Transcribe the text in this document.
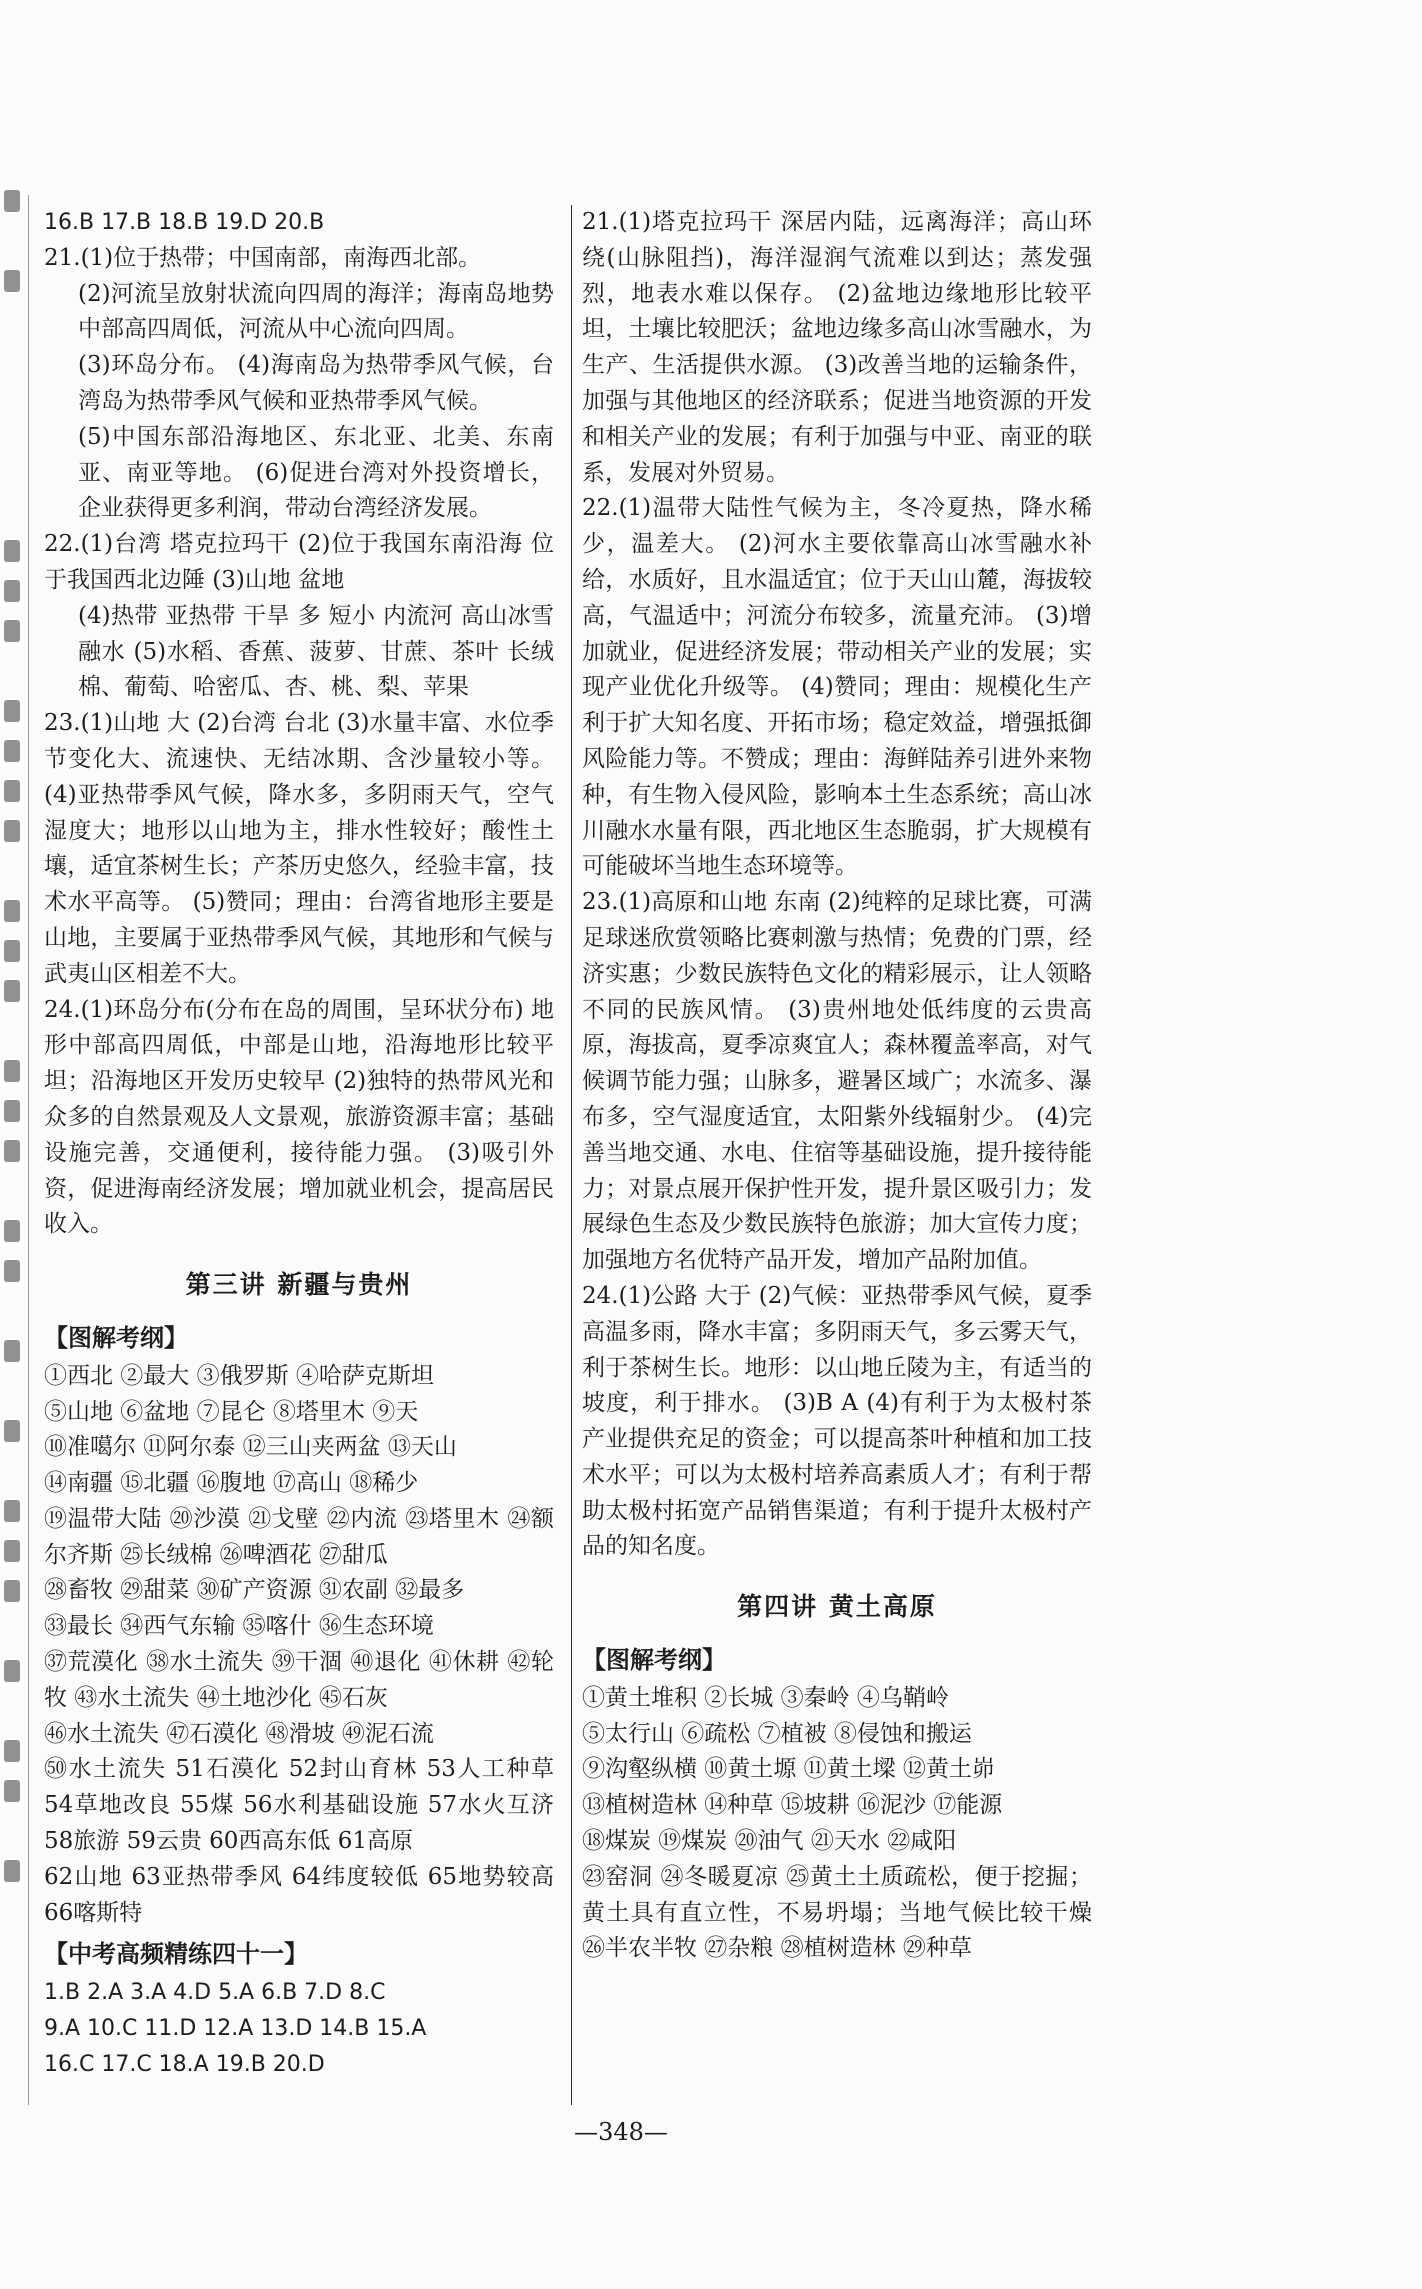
16.B 17.B 18.B 19.D 20.B

21.(1)位于热带；中国南部，南海西北部。

(2)河流呈放射状流向四周的海洋；海南岛地势中部高四周低，河流从中心流向四周。

(3)环岛分布。 (4)海南岛为热带季风气候，台湾岛为热带季风气候和亚热带季风气候。

(5)中国东部沿海地区、东北亚、北美、东南亚、南亚等地。 (6)促进台湾对外投资增长，企业获得更多利润，带动台湾经济发展。

22.(1)台湾 塔克拉玛干 (2)位于我国东南沿海 位于我国西北边陲 (3)山地 盆地

(4)热带 亚热带 干旱 多 短小 内流河 高山冰雪融水 (5)水稻、香蕉、菠萝、甘蔗、茶叶 长绒棉、葡萄、哈密瓜、杏、桃、梨、苹果

23.(1)山地 大 (2)台湾 台北 (3)水量丰富、水位季节变化大、流速快、无结冰期、含沙量较小等。 (4)亚热带季风气候，降水多，多阴雨天气，空气湿度大；地形以山地为主，排水性较好；酸性土壤，适宜茶树生长；产茶历史悠久，经验丰富，技术水平高等。 (5)赞同；理由：台湾省地形主要是山地，主要属于亚热带季风气候，其地形和气候与武夷山区相差不大。

24.(1)环岛分布(分布在岛的周围，呈环状分布) 地形中部高四周低，中部是山地，沿海地形比较平坦；沿海地区开发历史较早 (2)独特的热带风光和众多的自然景观及人文景观，旅游资源丰富；基础设施完善，交通便利，接待能力强。 (3)吸引外资，促进海南经济发展；增加就业机会，提高居民收入。

第三讲 新疆与贵州
【图解考纲】

①西北 ②最大 ③俄罗斯 ④哈萨克斯坦

⑤山地 ⑥盆地 ⑦昆仑 ⑧塔里木 ⑨天

⑩准噶尔 ⑪阿尔泰 ⑫三山夹两盆 ⑬天山

⑭南疆 ⑮北疆 ⑯腹地 ⑰高山 ⑱稀少

⑲温带大陆 ⑳沙漠 ㉑戈壁 ㉒内流 ㉓塔里木 ㉔额尔齐斯 ㉕长绒棉 ㉖啤酒花 ㉗甜瓜

㉘畜牧 ㉙甜菜 ㉚矿产资源 ㉛农副 ㉜最多

㉝最长 ㉞西气东输 ㉟喀什 ㊱生态环境

㊲荒漠化 ㊳水土流失 ㊴干涸 ㊵退化 ㊶休耕 ㊷轮牧 ㊸水土流失 ㊹土地沙化 ㊺石灰

㊻水土流失 ㊼石漠化 ㊽滑坡 ㊾泥石流

㊿水土流失 51石漠化 52封山育林 53人工种草 54草地改良 55煤 56水利基础设施 57水火互济 58旅游 59云贵 60西高东低 61高原

62山地 63亚热带季风 64纬度较低 65地势较高 66喀斯特

【中考高频精练四十一】

1.B 2.A 3.A 4.D 5.A 6.B 7.D 8.C

9.A 10.C 11.D 12.A 13.D 14.B 15.A

16.C 17.C 18.A 19.B 20.D

21.(1)塔克拉玛干 深居内陆，远离海洋；高山环绕(山脉阻挡)，海洋湿润气流难以到达；蒸发强烈，地表水难以保存。 (2)盆地边缘地形比较平坦，土壤比较肥沃；盆地边缘多高山冰雪融水，为生产、生活提供水源。 (3)改善当地的运输条件，加强与其他地区的经济联系；促进当地资源的开发和相关产业的发展；有利于加强与中亚、南亚的联系，发展对外贸易。

22.(1)温带大陆性气候为主，冬冷夏热，降水稀少，温差大。 (2)河水主要依靠高山冰雪融水补给，水质好，且水温适宜；位于天山山麓，海拔较高，气温适中；河流分布较多，流量充沛。 (3)增加就业，促进经济发展；带动相关产业的发展；实现产业优化升级等。 (4)赞同；理由：规模化生产利于扩大知名度、开拓市场；稳定效益，增强抵御风险能力等。不赞成；理由：海鲜陆养引进外来物种，有生物入侵风险，影响本土生态系统；高山冰川融水水量有限，西北地区生态脆弱，扩大规模有可能破坏当地生态环境等。

23.(1)高原和山地 东南 (2)纯粹的足球比赛，可满足球迷欣赏领略比赛刺激与热情；免费的门票，经济实惠；少数民族特色文化的精彩展示，让人领略不同的民族风情。 (3)贵州地处低纬度的云贵高原，海拔高，夏季凉爽宜人；森林覆盖率高，对气候调节能力强；山脉多，避暑区域广；水流多、瀑布多，空气湿度适宜，太阳紫外线辐射少。 (4)完善当地交通、水电、住宿等基础设施，提升接待能力；对景点展开保护性开发，提升景区吸引力；发展绿色生态及少数民族特色旅游；加大宣传力度；加强地方名优特产品开发，增加产品附加值。

24.(1)公路 大于 (2)气候：亚热带季风气候，夏季高温多雨，降水丰富；多阴雨天气，多云雾天气，利于茶树生长。地形：以山地丘陵为主，有适当的坡度，利于排水。 (3)B A (4)有利于为太极村茶产业提供充足的资金；可以提高茶叶种植和加工技术水平；可以为太极村培养高素质人才；有利于帮助太极村拓宽产品销售渠道；有利于提升太极村产品的知名度。

第四讲 黄土高原
【图解考纲】

①黄土堆积 ②长城 ③秦岭 ④乌鞘岭

⑤太行山 ⑥疏松 ⑦植被 ⑧侵蚀和搬运

⑨沟壑纵横 ⑩黄土塬 ⑪黄土墚 ⑫黄土峁

⑬植树造林 ⑭种草 ⑮坡耕 ⑯泥沙 ⑰能源

⑱煤炭 ⑲煤炭 ⑳油气 ㉑天水 ㉒咸阳

㉓窑洞 ㉔冬暖夏凉 ㉕黄土土质疏松，便于挖掘；黄土具有直立性，不易坍塌；当地气候比较干燥 ㉖半农半牧 ㉗杂粮 ㉘植树造林 ㉙种草

—348—
